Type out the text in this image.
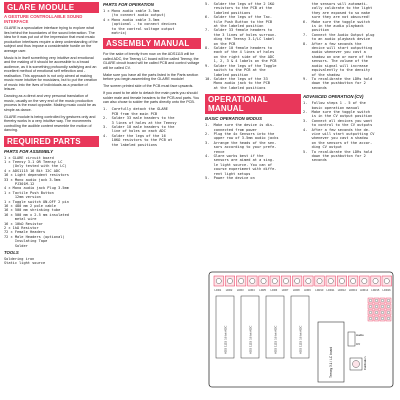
GLARE MODULE
A GESTURE CONTROLLABLE SOUND INTERFACE

GLARE is a speculative interface trying to explore what lies behind the boundaries of the sound interaction. The idea for it was put out of the impression that most music production interfaces require a deep understanding of the subject and thus impose a considerable hurdle on the average user.

Music is in itself something very intuitive and emotional and the making of it should be accessible to a broad audience, as it is something profoundly satisfying and an excellent method of emotional self reflection and -realisation. This approach is not only aimed at making music more intuitive for musicians, but to put the creation of music into the lives of individuals as a practice of leisure.

Dancing as a direct and very personal translation of music, usually on the very end of the music production process is the exact opposite. Making music could be as simple as dance.

GLARE module is being controlled by gestures only and thereby works in a very intuitive way. The movements controlling the audible content resemble the motion of dancing.

REQUIRED PARTS
PARTS FOR ASSEMBLY
1 × GLARE circuit board
1 × Teensy 3.1 OR Teensy LC
(Only tested with the LC)
4 × ADS1115 16 Bit I2C ADC
16 × Light dependent resistors
33 × Mono audio jack 3.5mm
PJ301M-12
4 × Mono audio jack Plug 3.5mm
1 × Tactile Push Button
12mm version
1 × Toggle switch ON-OFF 2 pin
16 × 480 mm 2 pole cable
16 × 500 mm shrinking tube
16 × 500 mm x 2.5 mm insulated
metal wire
16 × 10kΩ Resistor
2 × 1kΩ Resistor
72 × Female Headers
72 × Male Headers (optional)
Insulating Tape
Solder
TOOLS
Soldering iron
Static light source
PARTS FOR OPERATION
1 × Mono audio cable 3.5mm
(to connect audio output)
4 × Mono audio cable 3.5mm
(optional - to connect devices
to the control voltage output
matrix)
ASSEMBLY MANUAL

For the sake of brevity from now on the ADS1115 will be called ADC, the Teensy LC board will be called Teensy, the GLARE circuit board will be called PCB and control voltage will be called CV.

Make sure you have all the parts listed in the Parts section before you begin assembling the GLARE module!

The screen printed side of the PCB must face upwards.

If you want to be able to detach the main parts you should solder male and female headers to the PCB and parts. You can also chose to solder the parts directly onto the PCB.

1.  Carefully detach the GLARE
PCB from the main PCB
2.  Solder 33 male headers to the
3 lines of holes at the Teensy
3.  Solder 10 male headers to the
line of holes on each ADC
4.  Solder the legs of the 16
10KΩ resistors to the PCB at
the labeled positions
5.  Solder the legs of the 2 1KΩ
resistors to the PCB at the
labeled positions
6.  Solder the legs of the Tac-
tile Push Button to the PCB
at the labeled position
7.  Solder 33 female headers to
the 3 lines of holes surroun-
ding the Teensy 3.1/LC label
on the PCB
8.  Solder 10 female headers to
each of the 4 lines of holes
on the right side of the ADC
1, 2, 3 & 4 labels on the PCB
9.  Solder the legs of the Toggle
switch to the PCB at the
labeled position
10. Solder the legs of the 33
Mono audio jack to the PCB
at the labeled positions
OPERATIONAL MANUAL
BASIC OPERATION MODUS
1.  Make sure the device is dis-
connected from power
2.  Plug the 4x Sensors into the
upper row of 3.5mm audio jacks
3.  Arrange the heads of the sen-
sors according to your prefe-
rence
4.  Glare works best if the
sensors are aimed at a sing-
le light source. You can of
course experiment with diffe-
rent light setups
5.  Power the device on
the sensors will automati-
cally calibrate to the light
they are exposed to so make
sure they are not obscured!
6.  Make sure the toggle switch
is in the audio playback
position
7.  Connect the Audio Output plug
to an audio playback device
8.  After a few seconds the
device will start outputting
audio whenever you cast a
shadow on one or more of the
sensors. The volume of the
audio signal will increase
equivalently to the density
of the shadow
9.  To recalibrate the LDRs hold
down the pushbutton for 2
seconds
ADVANCED OPERATION (CV)
1.  Follow steps 1 - 5 of the
basic operation manual
2.  Make sure the toggle switch
is in the CV output position
3.  Connect all devices you want
to control to the CV outputs
4.  After a few seconds the de-
vice will start outputting CV
whenever you cast a shadow
on the sensors of the accor-
ding CV output
5.  To recalibrate the LDRs hold
down the pushbutton for 2
seconds
LDR1 LDR2 LDR3 LDR4 LDR5 LDR6 LDR7 LDR8 LDR9 LDR10 LDR11 LDR12 LDR13 LDR14 LDR15 LDR16
ADS 1115 16 bit ADC	ADS 1115 16 bit ADC	ADS 1115 16 bit ADC	ADS 1115 16 bit ADC
Teensy 3.1 / LC board
Audio
CV
Calibration
